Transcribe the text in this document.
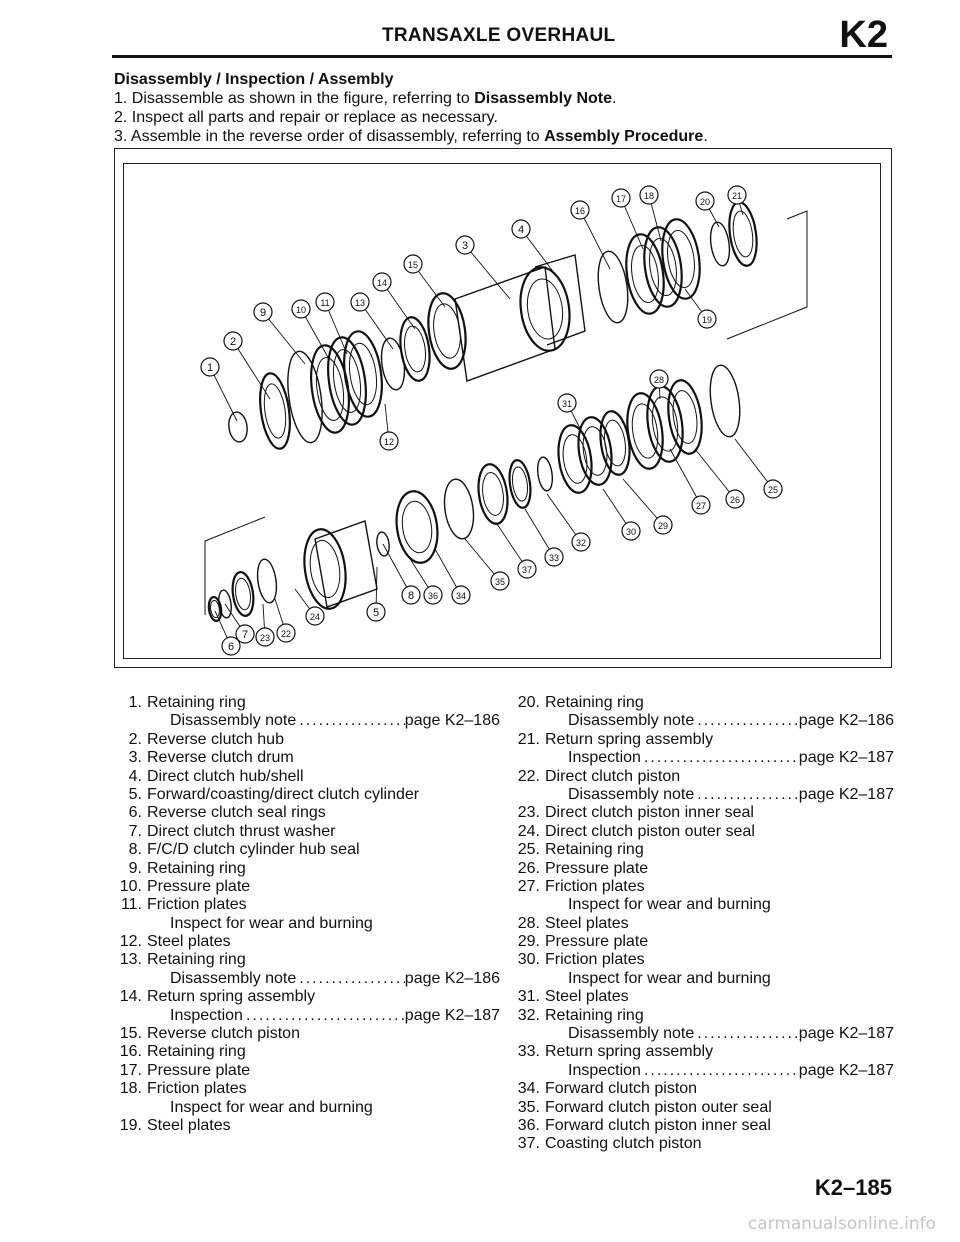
TRANSAXLE OVERHAUL	K2
Disassembly / Inspection / Assembly
1. Disassemble as shown in the figure, referring to Disassembly Note.
2. Inspect all parts and repair or replace as necessary.
3. Assemble in the reverse order of disassembly, referring to Assembly Procedure.
1
2
3
4
5
6
7
8
9	10
11
12
13
14
15
16
17 18
19
20
21
22
23
24
25
26
27
28
29
30
31
32
33
34
35
36
37
1. Retaining ring
Disassembly note .....	page K2–186
2. Reverse clutch hub
3. Reverse clutch drum
4. Direct clutch hub/shell
5. Forward/coasting/direct clutch cylinder
6. Reverse clutch seal rings
7. Direct clutch thrust washer
8. F/C/D clutch cylinder hub seal
9. Retaining ring
10. Pressure plate
11. Friction plates
Inspect for wear and burning
12. Steel plates
13. Retaining ring
Disassembly note .....	page K2–186
14. Return spring assembly
Inspection .....	page K2–187
15. Reverse clutch piston
16. Retaining ring
17. Pressure plate
18. Friction plates
Inspect for wear and burning
19. Steel plates
20. Retaining ring
Disassembly note .....	page K2–186
21. Return spring assembly
Inspection .....	page K2–187
22. Direct clutch piston
Disassembly note .....	page K2–187
23. Direct clutch piston inner seal
24. Direct clutch piston outer seal
25. Retaining ring
26. Pressure plate
27. Friction plates
Inspect for wear and burning
28. Steel plates
29. Pressure plate
30. Friction plates
Inspect for wear and burning
31. Steel plates
32. Retaining ring
Disassembly note .....	page K2–187
33. Return spring assembly
Inspection .....	page K2–187
34. Forward clutch piston
35. Forward clutch piston outer seal
36. Forward clutch piston inner seal
37. Coasting clutch piston
K2–185
carmanualsonline.info
